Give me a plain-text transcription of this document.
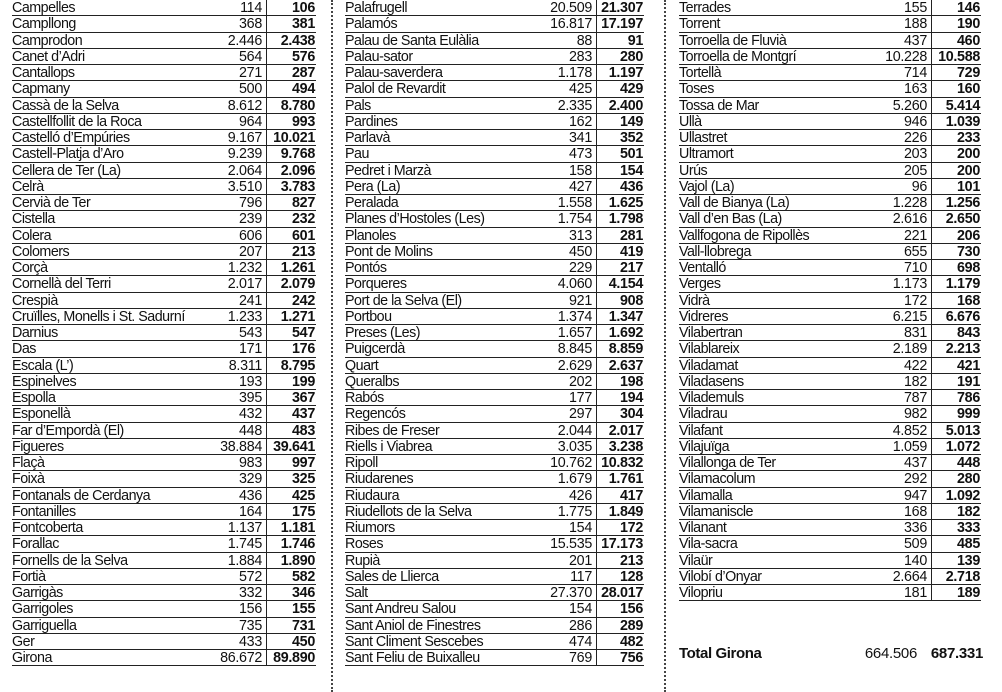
Campelles	114	106
Campllong	368	381
Camprodon	2.446	2.438
Canet d’Adri	564	576
Cantallops	271	287
Capmany	500	494
Cassà de la Selva	8.612	8.780
Castellfollit de la Roca	964	993
Castelló d’Empúries	9.167 10.021
Castell-Platja d’Aro	9.239	9.768
Cellera de Ter (La)	2.064	2.096
Celrà	3.510	3.783
Cervià de Ter	796	827
Cistella	239	232
Colera	606	601
Colomers	207	213
Corçà	1.232	1.261
Cornellà del Terri	2.017	2.079
Crespià	241	242
Cruïlles, Monells i St. Sadurní	1.233	1.271
Darnius	543	547
Das	171	176
Escala (L’)	8.311	8.795
Espinelves	193	199
Espolla	395	367
Esponellà	432	437
Far d’Empordà (El)	448	483
Figueres	38.884 39.641
Flaçà	983	997
Foixà	329	325
Fontanals de Cerdanya	436	425
Fontanilles	164	175
Fontcoberta	1.137	1.181
Forallac	1.745	1.746
Fornells de la Selva	1.884	1.890
Fortià	572	582
Garrigàs	332	346
Garrigoles	156	155
Garriguella	735	731
Ger	433	450
Girona	86.672 89.890
Palafrugell	20.509 21.307
Palamós	16.817 17.197
Palau de Santa Eulàlia	88	91
Palau-sator	283	280
Palau-saverdera	1.178	1.197
Palol de Revardit	425	429
Pals	2.335	2.400
Pardines	162	149
Parlavà	341	352
Pau	473	501
Pedret i Marzà	158	154
Pera (La)	427	436
Peralada	1.558	1.625
Planes d’Hostoles (Les)	1.754	1.798
Planoles	313	281
Pont de Molins	450	419
Pontós	229	217
Porqueres	4.060	4.154
Port de la Selva (El)	921	908
Portbou	1.374	1.347
Preses (Les)	1.657	1.692
Puigcerdà	8.845	8.859
Quart	2.629	2.637
Queralbs	202	198
Rabós	177	194
Regencós	297	304
Ribes de Freser	2.044	2.017
Riells i Viabrea	3.035	3.238
Ripoll	10.762 10.832
Riudarenes	1.679	1.761
Riudaura	426	417
Riudellots de la Selva	1.775	1.849
Riumors	154	172
Roses	15.535 17.173
Rupià	201	213
Sales de Llierca	117	128
Salt	27.370 28.017
Sant Andreu Salou	154	156
Sant Aniol de Finestres	286	289
Sant Climent Sescebes	474	482
Sant Feliu de Buixalleu	769	756
Terrades	155	146
Torrent	188	190
Torroella de Fluvià	437	460
Torroella de Montgrí	10.228 10.588
Tortellà	714	729
Toses	163	160
Tossa de Mar	5.260	5.414
Ullà	946	1.039
Ullastret	226	233
Ultramort	203	200
Urús	205	200
Vajol (La)	96	101
Vall de Bianya (La)	1.228	1.256
Vall d’en Bas (La)	2.616	2.650
Vallfogona de Ripollès	221	206
Vall-llobrega	655	730
Ventalló	710	698
Verges	1.173	1.179
Vidrà	172	168
Vidreres	6.215	6.676
Vilabertran	831	843
Vilablareix	2.189	2.213
Viladamat	422	421
Viladasens	182	191
Vilademuls	787	786
Viladrau	982	999
Vilafant	4.852	5.013
Vilajuïga	1.059	1.072
Vilallonga de Ter	437	448
Vilamacolum	292	280
Vilamalla	947	1.092
Vilamaniscle	168	182
Vilanant	336	333
Vila-sacra	509	485
Vilaür	140	139
Vilobí d’Onyar	2.664	2.718
Vilopriu	181	189
Total Girona	664.506 687.331
